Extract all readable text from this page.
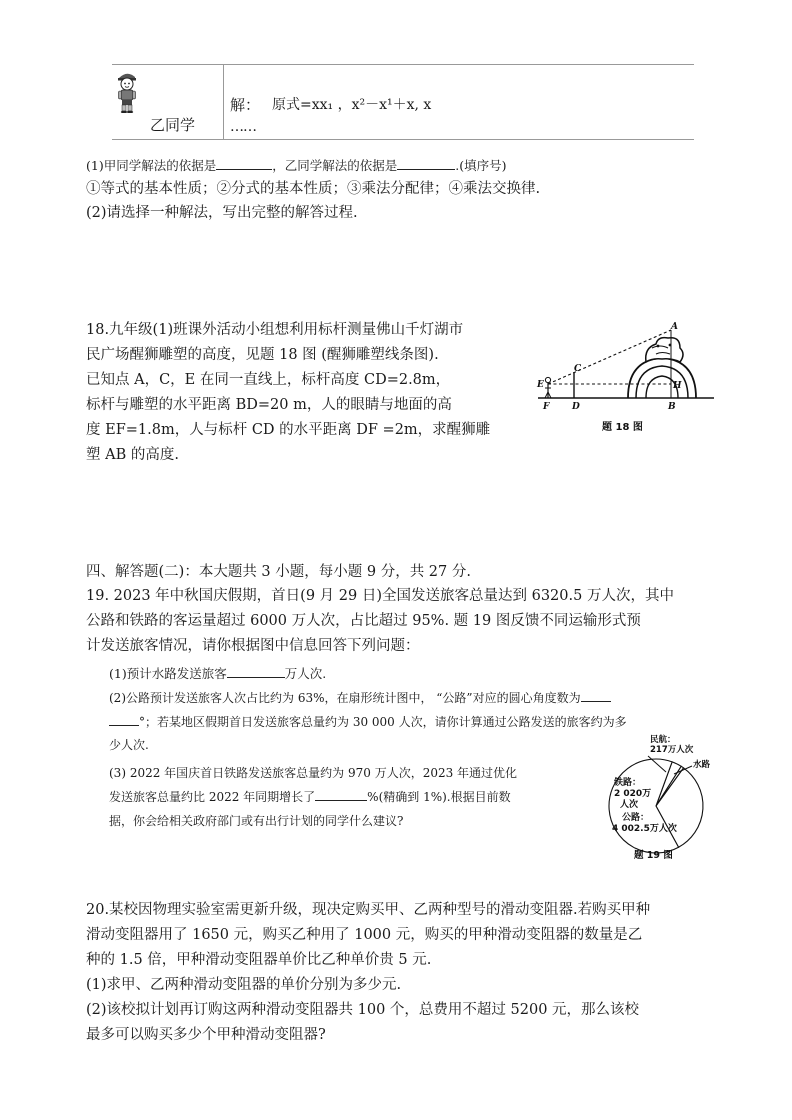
乙同学
解： 原式=xx₁ ，x²－x¹＋x, x
……
(1)甲同学解法的依据是	，乙同学解法的依据是	.(填序号)
①等式的基本性质；②分式的基本性质；③乘法分配律；④乘法交换律.
(2)请选择一种解法，写出完整的解答过程.
18.九年级(1)班课外活动小组想利用标杆测量佛山千灯湖市
民广场醒狮雕塑的高度，见题 18 图 (醒狮雕塑线条图).
已知点 A，C，E 在同一直线上，标杆高度 CD=2.8m，
标杆与雕塑的水平距离 BD=20 m，人的眼睛与地面的高
度 EF=1.8m，人与标杆 CD 的水平距离 DF =2m，求醒狮雕
塑 AB 的高度.
A
C
E	H
F	D	B
题 18 图
四、解答题(二)：本大题共 3 小题，每小题 9 分，共 27 分.
19. 2023 年中秋国庆假期，首日(9 月 29 日)全国发送旅客总量达到 6320.5 万人次，其中
公路和铁路的客运量超过 6000 万人次，占比超过 95%. 题 19 图反馈不同运输形式预
计发送旅客情况，请你根据图中信息回答下列问题：
(1)预计水路发送旅客	万人次.
(2)公路预计发送旅客人次占比约为 63%，在扇形统计图中， “公路”对应的圆心角度数为
°；若某地区假期首日发送旅客总量约为 30 000 人次，请你计算通过公路发送的旅客约为多
少人次.
(3) 2022 年国庆首日铁路发送旅客总量约为 970 万人次，2023 年通过优化
发送旅客总量约比 2022 年同期增长了	%(精确到 1%).根据目前数
据，你会给相关政府部门或有出行计划的同学什么建议?
民航：
217万人次
水路
铁路：
2 020万
人次
公路：
4 002.5万人次
题 19 图
20.某校因物理实验室需更新升级，现决定购买甲、乙两种型号的滑动变阻器.若购买甲种
滑动变阻器用了 1650 元，购买乙种用了 1000 元，购买的甲种滑动变阻器的数量是乙
种的 1.5 倍，甲种滑动变阻器单价比乙种单价贵 5 元.
(1)求甲、乙两种滑动变阻器的单价分别为多少元.
(2)该校拟计划再订购这两种滑动变阻器共 100 个，总费用不超过 5200 元，那么该校
最多可以购买多少个甲种滑动变阻器?
